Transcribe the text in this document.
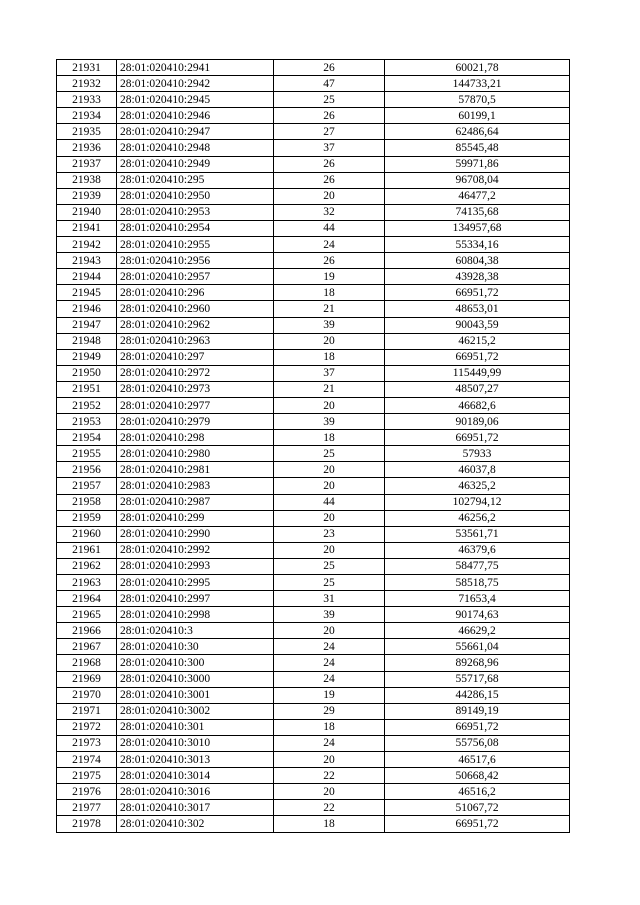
21931	28:01:020410:2941	26	60021,78
21932	28:01:020410:2942	47	144733,21
21933	28:01:020410:2945	25	57870,5
21934	28:01:020410:2946	26	60199,1
21935	28:01:020410:2947	27	62486,64
21936	28:01:020410:2948	37	85545,48
21937	28:01:020410:2949	26	59971,86
21938	28:01:020410:295	26	96708,04
21939	28:01:020410:2950	20	46477,2
21940	28:01:020410:2953	32	74135,68
21941	28:01:020410:2954	44	134957,68
21942	28:01:020410:2955	24	55334,16
21943	28:01:020410:2956	26	60804,38
21944	28:01:020410:2957	19	43928,38
21945	28:01:020410:296	18	66951,72
21946	28:01:020410:2960	21	48653,01
21947	28:01:020410:2962	39	90043,59
21948	28:01:020410:2963	20	46215,2
21949	28:01:020410:297	18	66951,72
21950	28:01:020410:2972	37	115449,99
21951	28:01:020410:2973	21	48507,27
21952	28:01:020410:2977	20	46682,6
21953	28:01:020410:2979	39	90189,06
21954	28:01:020410:298	18	66951,72
21955	28:01:020410:2980	25	57933
21956	28:01:020410:2981	20	46037,8
21957	28:01:020410:2983	20	46325,2
21958	28:01:020410:2987	44	102794,12
21959	28:01:020410:299	20	46256,2
21960	28:01:020410:2990	23	53561,71
21961	28:01:020410:2992	20	46379,6
21962	28:01:020410:2993	25	58477,75
21963	28:01:020410:2995	25	58518,75
21964	28:01:020410:2997	31	71653,4
21965	28:01:020410:2998	39	90174,63
21966	28:01:020410:3	20	46629,2
21967	28:01:020410:30	24	55661,04
21968	28:01:020410:300	24	89268,96
21969	28:01:020410:3000	24	55717,68
21970	28:01:020410:3001	19	44286,15
21971	28:01:020410:3002	29	89149,19
21972	28:01:020410:301	18	66951,72
21973	28:01:020410:3010	24	55756,08
21974	28:01:020410:3013	20	46517,6
21975	28:01:020410:3014	22	50668,42
21976	28:01:020410:3016	20	46516,2
21977	28:01:020410:3017	22	51067,72
21978	28:01:020410:302	18	66951,72
